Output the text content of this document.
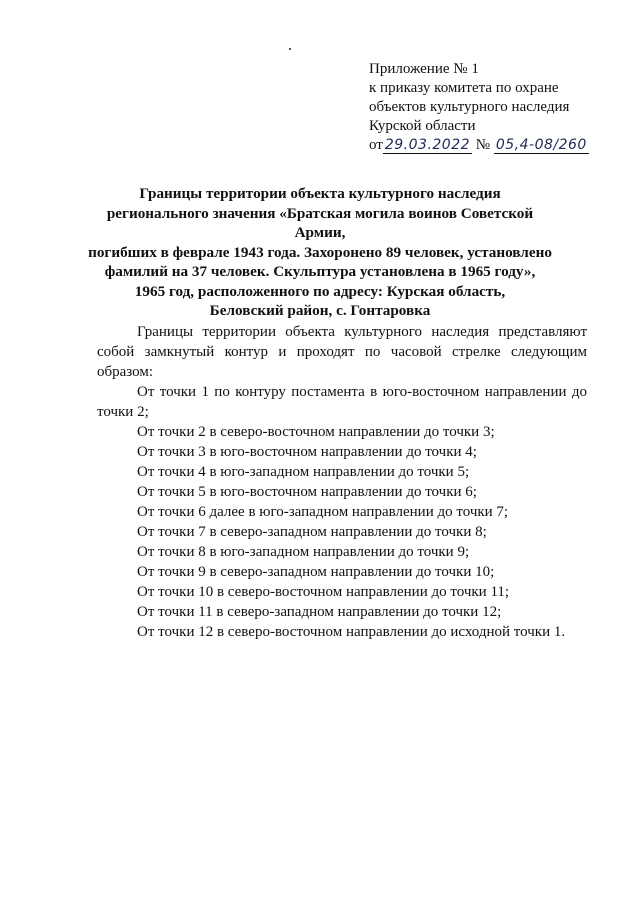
Приложение № 1
к приказу комитета по охране
объектов культурного наследия
Курской области
от 29.03.2022 № 05,4-08/260
Границы территории объекта культурного наследия
регионального значения «Братская могила воинов Советской Армии,
погибших в феврале 1943 года. Захоронено 89 человек, установлено
фамилий на 37 человек. Скульптура установлена в 1965 году»,
1965 год, расположенного по адресу: Курская область,
Беловский район, с. Гонтаровка

Границы территории объекта культурного наследия представляют собой замкнутый контур и проходят по часовой стрелке следующим образом:

От точки 1 по контуру постамента в юго-восточном направлении до точки 2;

От точки 2 в северо-восточном направлении до точки 3;

От точки 3 в юго-восточном направлении до точки 4;

От точки 4 в юго-западном направлении до точки 5;

От точки 5 в юго-восточном направлении до точки 6;

От точки 6 далее в юго-западном направлении до точки 7;

От точки 7 в северо-западном направлении до точки 8;

От точки 8 в юго-западном направлении до точки 9;

От точки 9 в северо-западном направлении до точки 10;

От точки 10 в северо-восточном направлении до точки 11;

От точки 11 в северо-западном направлении до точки 12;

От точки 12 в северо-восточном направлении до исходной точки 1.
